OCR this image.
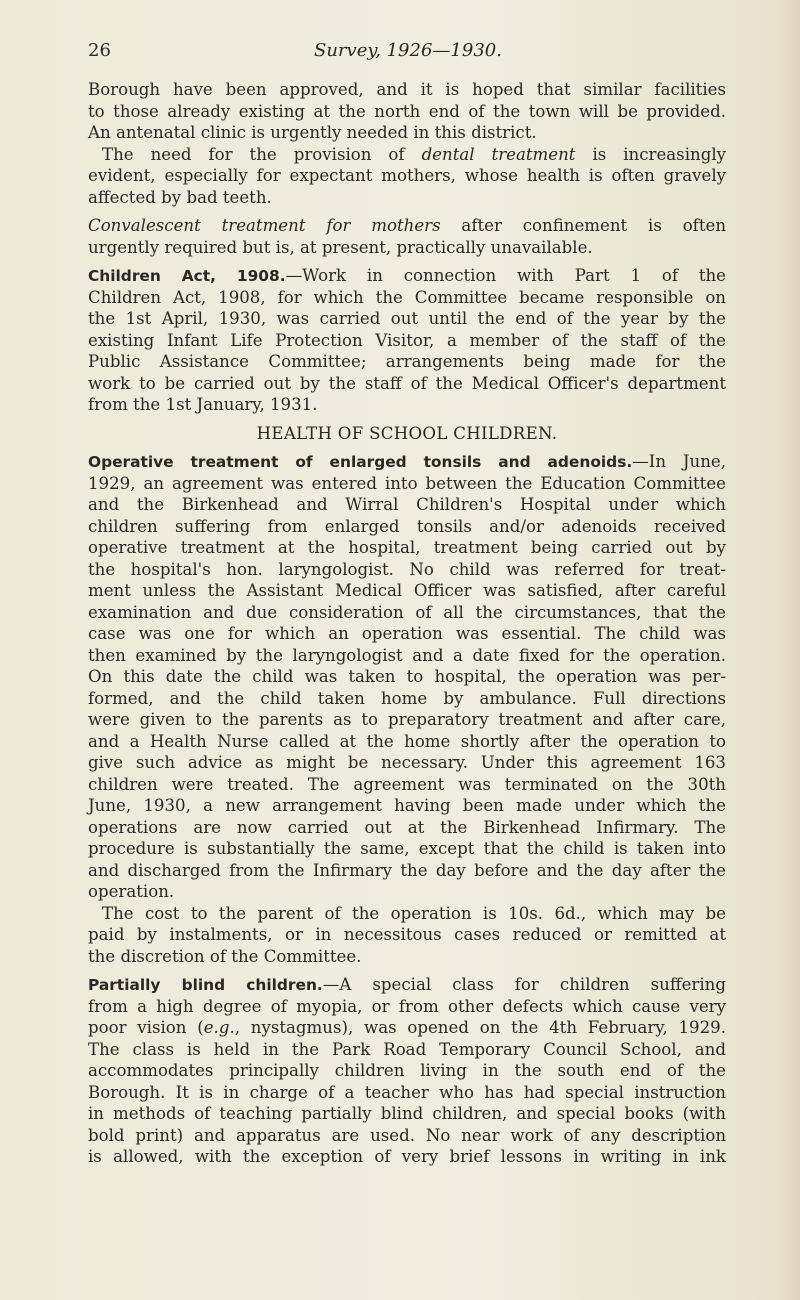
26	Survey, 1926—1930.
Borough have been approved, and it is hoped that similar facilities
to those already existing at the north end of the town will be provided.
An antenatal clinic is urgently needed in this district.
The need for the provision of dental treatment is increasingly
evident, especially for expectant mothers, whose health is often gravely
affected by bad teeth.
Convalescent treatment for mothers after confinement is often
urgently required but is, at present, practically unavailable.
Children Act, 1908.—Work in connection with Part 1 of the
Children Act, 1908, for which the Committee became responsible on
the 1st April, 1930, was carried out until the end of the year by the
existing Infant Life Protection Visitor, a member of the staff of the
Public Assistance Committee; arrangements being made for the
work to be carried out by the staff of the Medical Officer's department
from the 1st January, 1931.
HEALTH OF SCHOOL CHILDREN.
Operative treatment of enlarged tonsils and adenoids.—In June,
1929, an agreement was entered into between the Education Committee
and the Birkenhead and Wirral Children's Hospital under which
children suffering from enlarged tonsils and/or adenoids received
operative treatment at the hospital, treatment being carried out by
the hospital's hon. laryngologist. No child was referred for treat-
ment unless the Assistant Medical Officer was satisfied, after careful
examination and due consideration of all the circumstances, that the
case was one for which an operation was essential. The child was
then examined by the laryngologist and a date fixed for the operation.
On this date the child was taken to hospital, the operation was per-
formed, and the child taken home by ambulance. Full directions
were given to the parents as to preparatory treatment and after care,
and a Health Nurse called at the home shortly after the operation to
give such advice as might be necessary. Under this agreement 163
children were treated. The agreement was terminated on the 30th
June, 1930, a new arrangement having been made under which the
operations are now carried out at the Birkenhead Infirmary. The
procedure is substantially the same, except that the child is taken into
and discharged from the Infirmary the day before and the day after the
operation.
The cost to the parent of the operation is 10s. 6d., which may be
paid by instalments, or in necessitous cases reduced or remitted at
the discretion of the Committee.
Partially blind children.—A special class for children suffering
from a high degree of myopia, or from other defects which cause very
poor vision (e.g., nystagmus), was opened on the 4th February, 1929.
The class is held in the Park Road Temporary Council School, and
accommodates principally children living in the south end of the
Borough. It is in charge of a teacher who has had special instruction
in methods of teaching partially blind children, and special books (with
bold print) and apparatus are used. No near work of any description
is allowed, with the exception of very brief lessons in writing in ink
